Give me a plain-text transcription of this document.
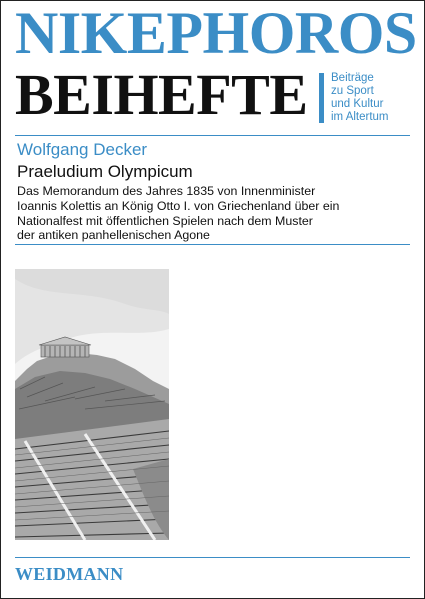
NIKEPHOROS
BEIHEFTE Beiträge
zu Sport
und Kultur
im Altertum
Wolfgang Decker
Praeludium Olympicum
Das Memorandum des Jahres 1835 von Innenminister
Ioannis Kolettis an König Otto I. von Griechenland über ein
Nationalfest mit öffentlichen Spielen nach dem Muster
der antiken panhellenischen Agone
WEIDMANN
